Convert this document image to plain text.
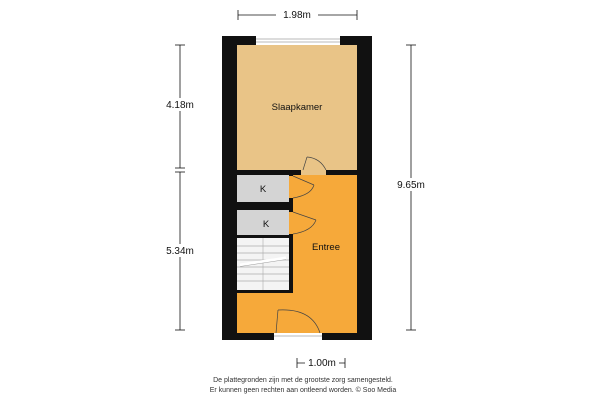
Slaapkamer
K
K
Entree
1.98m
4.18m
5.34m
9.65m
1.00m
De plattegronden zijn met de grootste zorg samengesteld.
Er kunnen geen rechten aan ontleend worden. © Soo Media
